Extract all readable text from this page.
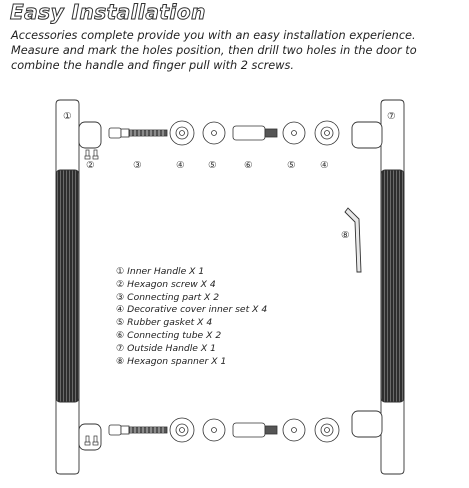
Easy Installation
Accessories complete provide you with an easy installation experience. Measure and mark the holes position, then drill two holes in the door to combine the handle and finger pull with 2 screws.
①
②	③	④ ⑤	⑥	⑤	④
⑦
⑧
① Inner Handle X 1
② Hexagon screw X 4
③ Connecting part X 2
④ Decorative cover inner set X 4
⑤ Rubber gasket X 4
⑥ Connecting tube X 2
⑦ Outside Handle X 1
⑧ Hexagon spanner X 1
